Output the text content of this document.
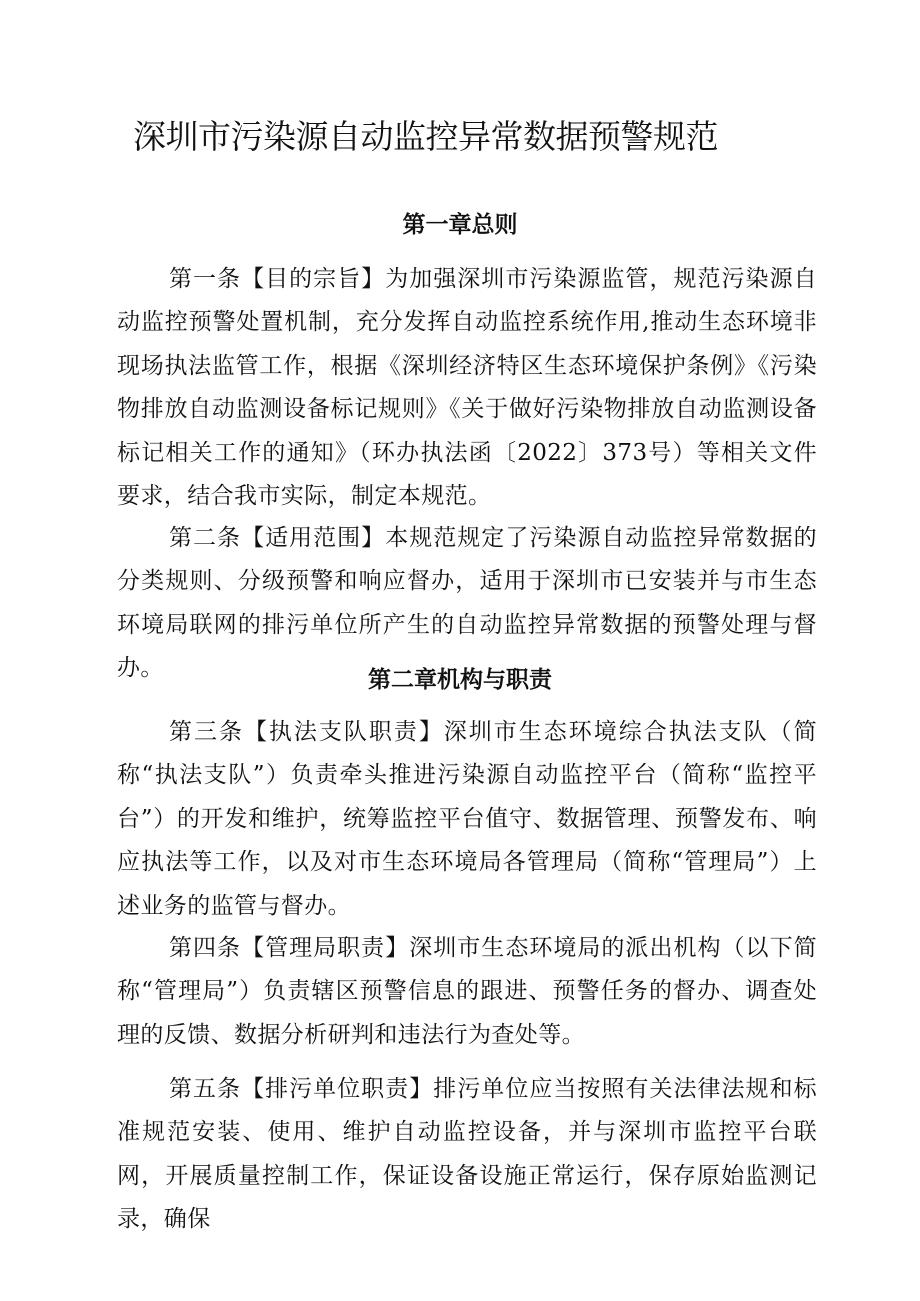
深圳市污染源自动监控异常数据预警规范
第一章总则

第一条【目的宗旨】为加强深圳市污染源监管，规范污染源自动监控预警处置机制，充分发挥自动监控系统作用,推动生态环境非现场执法监管工作，根据《深圳经济特区生态环境保护条例》《污染物排放自动监测设备标记规则》《关于做好污染物排放自动监测设备标记相关工作的通知》（环办执法函〔2022〕373号）等相关文件要求，结合我市实际，制定本规范。

第二条【适用范围】本规范规定了污染源自动监控异常数据的分类规则、分级预警和响应督办，适用于深圳市已安装并与市生态环境局联网的排污单位所产生的自动监控异常数据的预警处理与督办。	第二章机构与职责

第三条【执法支队职责】深圳市生态环境综合执法支队（简称“执法支队”）负责牵头推进污染源自动监控平台（简称“监控平台”）的开发和维护，统筹监控平台值守、数据管理、预警发布、响应执法等工作，以及对市生态环境局各管理局（简称“管理局”）上述业务的监管与督办。

第四条【管理局职责】深圳市生态环境局的派出机构（以下简称“管理局”）负责辖区预警信息的跟进、预警任务的督办、调查处理的反馈、数据分析研判和违法行为查处等。

第五条【排污单位职责】排污单位应当按照有关法律法规和标准规范安装、使用、维护自动监控设备，并与深圳市监控平台联网，开展质量控制工作，保证设备设施正常运行，保存原始监测记录，确保
